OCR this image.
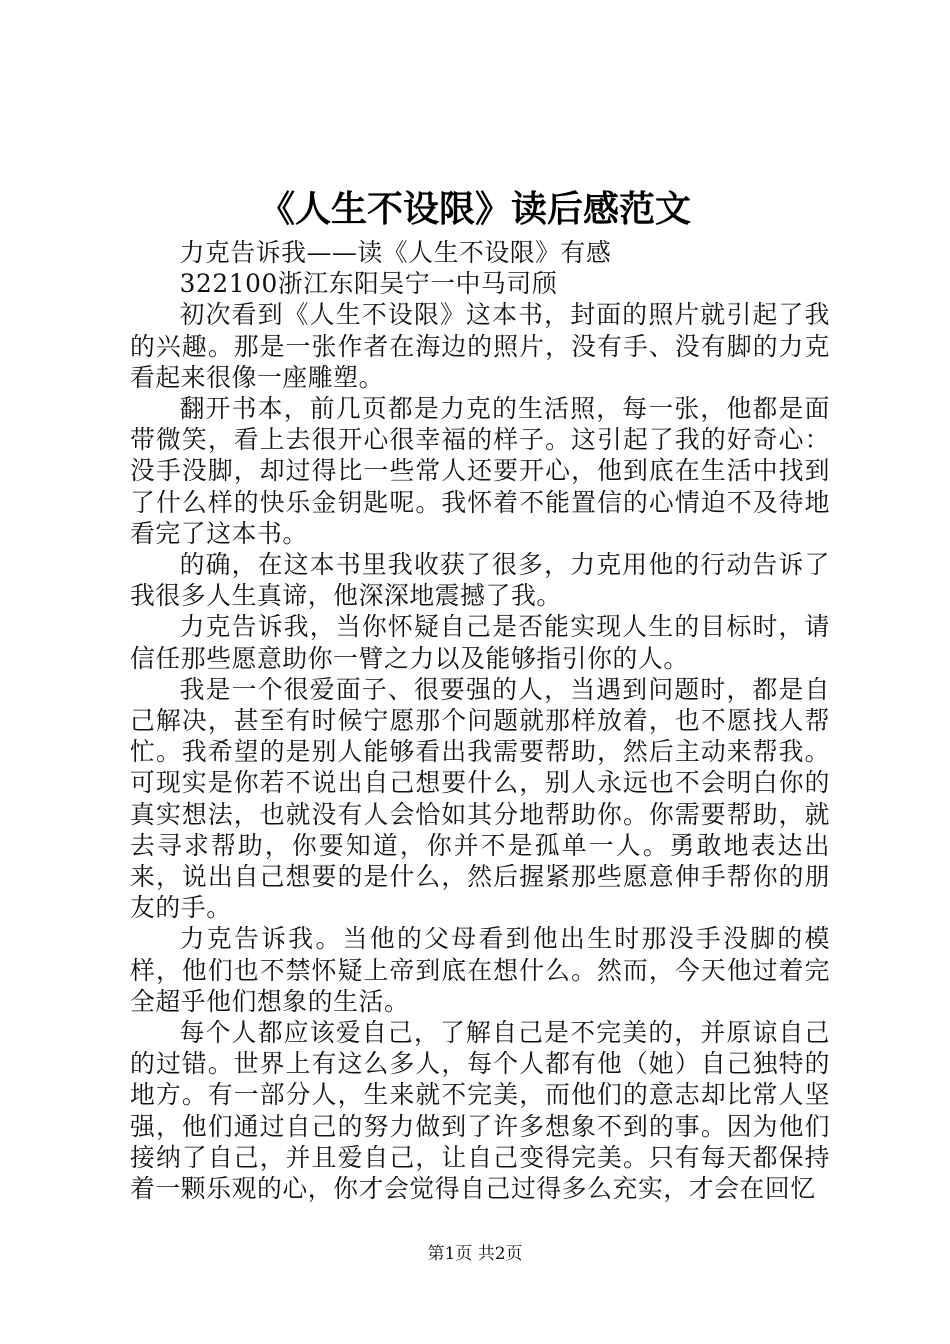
《人生不设限》读后感范文

力克告诉我——读《人生不设限》有感

322100浙江东阳吴宁一中马司颀

初次看到《人生不设限》这本书，封面的照片就引起了我的兴趣。那是一张作者在海边的照片，没有手、没有脚的力克看起来很像一座雕塑。

翻开书本，前几页都是力克的生活照，每一张，他都是面带微笑，看上去很开心很幸福的样子。这引起了我的好奇心：没手没脚，却过得比一些常人还要开心，他到底在生活中找到了什么样的快乐金钥匙呢。我怀着不能置信的心情迫不及待地看完了这本书。

的确，在这本书里我收获了很多，力克用他的行动告诉了我很多人生真谛，他深深地震撼了我。

力克告诉我，当你怀疑自己是否能实现人生的目标时，请信任那些愿意助你一臂之力以及能够指引你的人。

我是一个很爱面子、很要强的人，当遇到问题时，都是自己解决，甚至有时候宁愿那个问题就那样放着，也不愿找人帮忙。我希望的是别人能够看出我需要帮助，然后主动来帮我。可现实是你若不说出自己想要什么，别人永远也不会明白你的真实想法，也就没有人会恰如其分地帮助你。你需要帮助，就去寻求帮助，你要知道，你并不是孤单一人。勇敢地表达出来，说出自己想要的是什么，然后握紧那些愿意伸手帮你的朋友的手。

力克告诉我。当他的父母看到他出生时那没手没脚的模样，他们也不禁怀疑上帝到底在想什么。然而，今天他过着完全超乎他们想象的生活。

每个人都应该爱自己，了解自己是不完美的，并原谅自己的过错。世界上有这么多人，每个人都有他（她）自己独特的地方。有一部分人，生来就不完美，而他们的意志却比常人坚强，他们通过自己的努力做到了许多想象不到的事。因为他们接纳了自己，并且爱自己，让自己变得完美。只有每天都保持着一颗乐观的心，你才会觉得自己过得多么充实，才会在回忆

第1页 共2页
